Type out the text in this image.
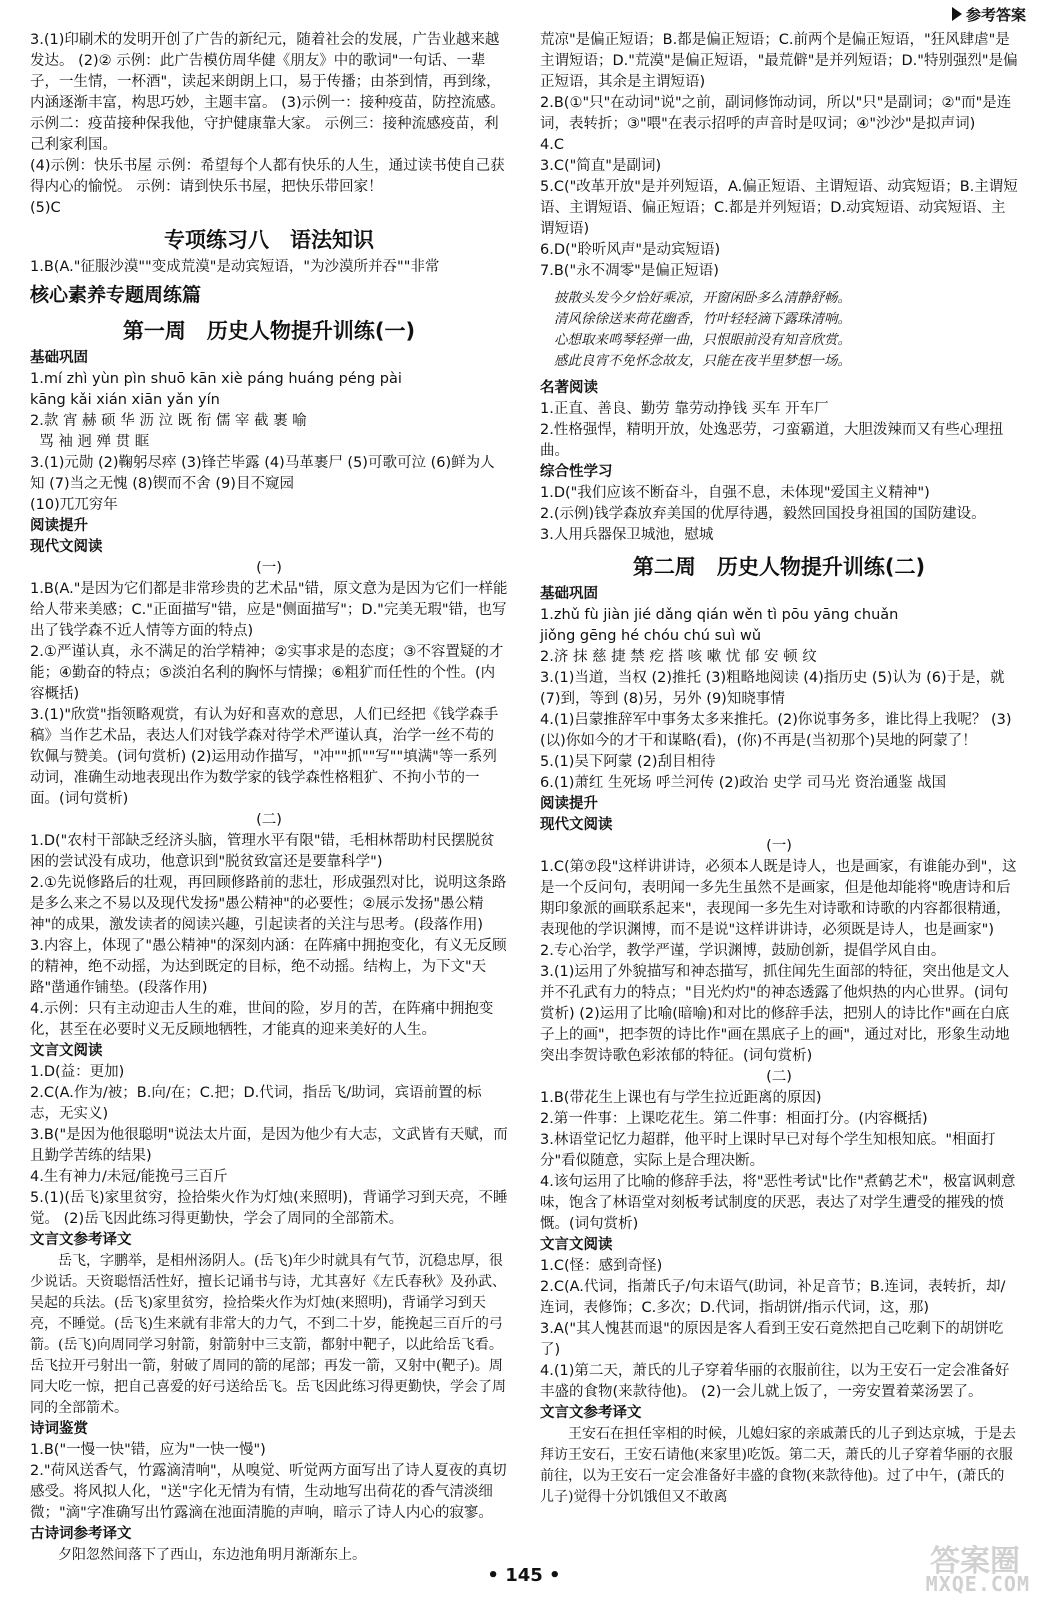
参考答案

3.(1)印刷术的发明开创了广告的新纪元，随着社会的发展，广告业越来越发达。 (2)② 示例：此广告模仿周华健《朋友》中的歌词"一句话、一辈子，一生情，一杯酒"，读起来朗朗上口，易于传播；由茶到情，再到缘，内涵逐渐丰富，构思巧妙，主题丰富。 (3)示例一：接种疫苗，防控流感。 示例二：疫苗接种保我他，守护健康靠大家。 示例三：接种流感疫苗，利己利家利国。
(4)示例：快乐书屋 示例：希望每个人都有快乐的人生，通过读书使自己获得内心的愉悦。 示例：请到快乐书屋，把快乐带回家！
(5)C

专项练习八　语法知识

1.B(A."征服沙漠""变成荒漠"是动宾短语，"为沙漠所并吞""非常

核心素养专题周练篇
第一周　历史人物提升训练(一)

基础巩固

1.mí zhì yùn pìn shuō kān xiè páng huáng péng pài
kāng kǎi xián xiān yǎn yín
2.款 宵 赫 硕 华 沥 泣 既 衔 儒 宰 截 裹 喻
骂 袖 迥 殚 贯 眶
3.(1)元勋 (2)鞠躬尽瘁 (3)锋芒毕露 (4)马革裹尸 (5)可歌可泣 (6)鲜为人知 (7)当之无愧 (8)锲而不舍 (9)目不窥园
(10)兀兀穷年

阅读提升

现代文阅读

(一)

1.B(A."是因为它们都是非常珍贵的艺术品"错，原文意为是因为它们一样能给人带来美感；C."正面描写"错，应是"侧面描写"；D."完美无瑕"错，也写出了钱学森不近人情等方面的特点)
2.①严谨认真，永不满足的治学精神；②实事求是的态度；③不容置疑的才能；④勤奋的特点；⑤淡泊名利的胸怀与情操；⑥粗犷而任性的个性。(内容概括)
3.(1)"欣赏"指领略观赏，有认为好和喜欢的意思，人们已经把《钱学森手稿》当作艺术品，表达人们对钱学森对待学术严谨认真，治学一丝不苟的钦佩与赞美。(词句赏析) (2)运用动作描写，"冲""抓""写""填满"等一系列动词，准确生动地表现出作为数学家的钱学森性格粗犷、不拘小节的一面。(词句赏析)

(二)

1.D("农村干部缺乏经济头脑，管理水平有限"错，毛相林帮助村民摆脱贫困的尝试没有成功，他意识到"脱贫致富还是要靠科学")
2.①先说修路后的壮观，再回顾修路前的悲壮，形成强烈对比，说明这条路是多么来之不易以及现代发扬"愚公精神"的必要性；②展示发扬"愚公精神"的成果，激发读者的阅读兴趣，引起读者的关注与思考。(段落作用)
3.内容上，体现了"愚公精神"的深刻内涵：在阵痛中拥抱变化，有义无反顾的精神，绝不动摇，为达到既定的目标，绝不动摇。结构上，为下文"天路"凿通作铺垫。(段落作用)
4.示例：只有主动迎击人生的难，世间的险，岁月的苦，在阵痛中拥抱变化，甚至在必要时义无反顾地牺牲，才能真的迎来美好的人生。

文言文阅读

1.D(益：更加)
2.C(A.作为/被；B.向/在；C.把；D.代词，指岳飞/助词，宾语前置的标志，无实义)
3.B("是因为他很聪明"说法太片面，是因为他少有大志，文武皆有天赋，而且勤学苦练的结果)
4.生有神力/未冠/能挽弓三百斤
5.(1)(岳飞)家里贫穷，捡拾柴火作为灯烛(来照明)，背诵学习到天亮，不睡觉。 (2)岳飞因此练习得更勤快，学会了周同的全部箭术。

文言文参考译文

岳飞，字鹏举，是相州汤阴人。(岳飞)年少时就具有气节，沉稳忠厚，很少说话。天资聪悟活性好，擅长记诵书与诗，尤其喜好《左氏春秋》及孙武、吴起的兵法。(岳飞)家里贫穷，捡拾柴火作为灯烛(来照明)，背诵学习到天亮，不睡觉。(岳飞)生来就有非常大的力气，不到二十岁，能挽起三百斤的弓箭。(岳飞)向周同学习射箭，射箭射中三支箭，都射中靶子，以此给岳飞看。岳飞拉开弓射出一箭，射破了周同的箭的尾部；再发一箭，又射中(靶子)。周同大吃一惊，把自己喜爱的好弓送给岳飞。岳飞因此练习得更勤快，学会了周同的全部箭术。

诗词鉴赏

1.B("一慢一快"错，应为"一快一慢")
2."荷风送香气，竹露滴清响"，从嗅觉、听觉两方面写出了诗人夏夜的真切感受。将风拟人化，"送"字化无情为有情，生动地写出荷花的香气清淡细微；"滴"字准确写出竹露滴在池面清脆的声响，暗示了诗人内心的寂寥。

古诗词参考译文

夕阳忽然间落下了西山，东边池角明月渐渐东上。

荒凉"是偏正短语；B.都是偏正短语；C.前两个是偏正短语，"狂风肆虐"是主谓短语；D."荒漠"是偏正短语，"最荒僻"是并列短语；D."特别强烈"是偏正短语，其余是主谓短语)
2.B(①"只"在动词"说"之前，副词修饰动词，所以"只"是副词；②"而"是连词，表转折；③"喂"在表示招呼的声音时是叹词；④"沙沙"是拟声词)
4.C
3.C("简直"是副词)
5.C("改革开放"是并列短语，A.偏正短语、主谓短语、动宾短语；B.主谓短语、主谓短语、偏正短语；C.都是并列短语；D.动宾短语、动宾短语、主谓短语)
6.D("聆听风声"是动宾短语)
7.B("永不凋零"是偏正短语)

披散头发今夕恰好乘凉，开窗闲卧多么清静舒畅。
清风徐徐送来荷花幽香，竹叶轻轻滴下露珠清响。
心想取来鸣琴轻弹一曲，只恨眼前没有知音欣赏。
感此良宵不免怀念故友，只能在夜半里梦想一场。

名著阅读

1.正直、善良、勤劳 靠劳动挣钱 买车 开车厂
2.性格强悍，精明开放，处逸恶劳，刁蛮霸道，大胆泼辣而又有些心理扭曲。

综合性学习

1.D("我们应该不断奋斗，自强不息，未体现"爱国主义精神")
2.(示例)钱学森放弃美国的优厚待遇，毅然回国投身祖国的国防建设。
3.人用兵器保卫城池，慰城

第二周　历史人物提升训练(二)

基础巩固

1.zhǔ fù jiàn jié dǎng qián wěn tì pōu yāng chuǎn
jiǒng gēng hé chóu chú suì wǔ
2.济 抹 慈 捷 禁 疙 搭 咳 嗽 忧 郁 安 顿 纹
3.(1)当道，当权 (2)推托 (3)粗略地阅读 (4)指历史 (5)认为 (6)于是，就 (7)到，等到 (8)另，另外 (9)知晓事情
4.(1)吕蒙推辞军中事务太多来推托。(2)你说事务多，谁比得上我呢？ (3)(以)你如今的才干和谋略(看)，(你)不再是(当初那个)吴地的阿蒙了！
5.(1)吴下阿蒙 (2)刮目相待
6.(1)萧红 生死场 呼兰河传 (2)政治 史学 司马光 资治通鉴 战国

阅读提升

现代文阅读

(一)

1.C(第⑦段"这样讲讲诗，必须本人既是诗人，也是画家，有谁能办到"，这是一个反问句，表明闻一多先生虽然不是画家，但是他却能将"晚唐诗和后期印象派的画联系起来"，表现闻一多先生对诗歌和诗歌的内容都很精通，表现他的学识渊博，而不是说"这样讲讲诗，必须既是诗人，也是画家")
2.专心治学，教学严谨，学识渊博，鼓励创新，提倡学风自由。
3.(1)运用了外貌描写和神态描写，抓住闻先生面部的特征，突出他是文人并不孔武有力的特点；"目光灼灼"的神态透露了他炽热的内心世界。(词句赏析) (2)运用了比喻(暗喻)和对比的修辞手法，把别人的诗比作"画在白底子上的画"，把李贺的诗比作"画在黑底子上的画"，通过对比，形象生动地突出李贺诗歌色彩浓郁的特征。(词句赏析)

(二)

1.B(带花生上课也有与学生拉近距离的原因)
2.第一件事：上课吃花生。第二件事：相面打分。(内容概括)
3.林语堂记忆力超群，他平时上课时早已对每个学生知根知底。"相面打分"看似随意，实际上是合理决断。
4.该句运用了比喻的修辞手法，将"恶性考试"比作"煮鹤艺术"，极富讽刺意味，饱含了林语堂对刻板考试制度的厌恶，表达了对学生遭受的摧残的愤慨。(词句赏析)

文言文阅读

1.C(怪：感到奇怪)
2.C(A.代词，指萧氏子/句末语气(助词，补足音节；B.连词，表转折，却/连词，表修饰；C.多次；D.代词，指胡饼/指示代词，这，那)
3.A("其人愧甚而退"的原因是客人看到王安石竟然把自己吃剩下的胡饼吃了)
4.(1)第二天，萧氏的儿子穿着华丽的衣服前往，以为王安石一定会准备好丰盛的食物(来款待他)。 (2)一会儿就上饭了，一旁安置着菜汤罢了。

文言文参考译文

王安石在担任宰相的时候，儿媳妇家的亲戚萧氏的儿子到达京城，于是去拜访王安石，王安石请他(来家里)吃饭。第二天，萧氏的儿子穿着华丽的衣服前往，以为王安石一定会准备好丰盛的食物(来款待他)。过了中午，(萧氏的儿子)觉得十分饥饿但又不敢离

• 145 •	答案圈
MXQE.COM
